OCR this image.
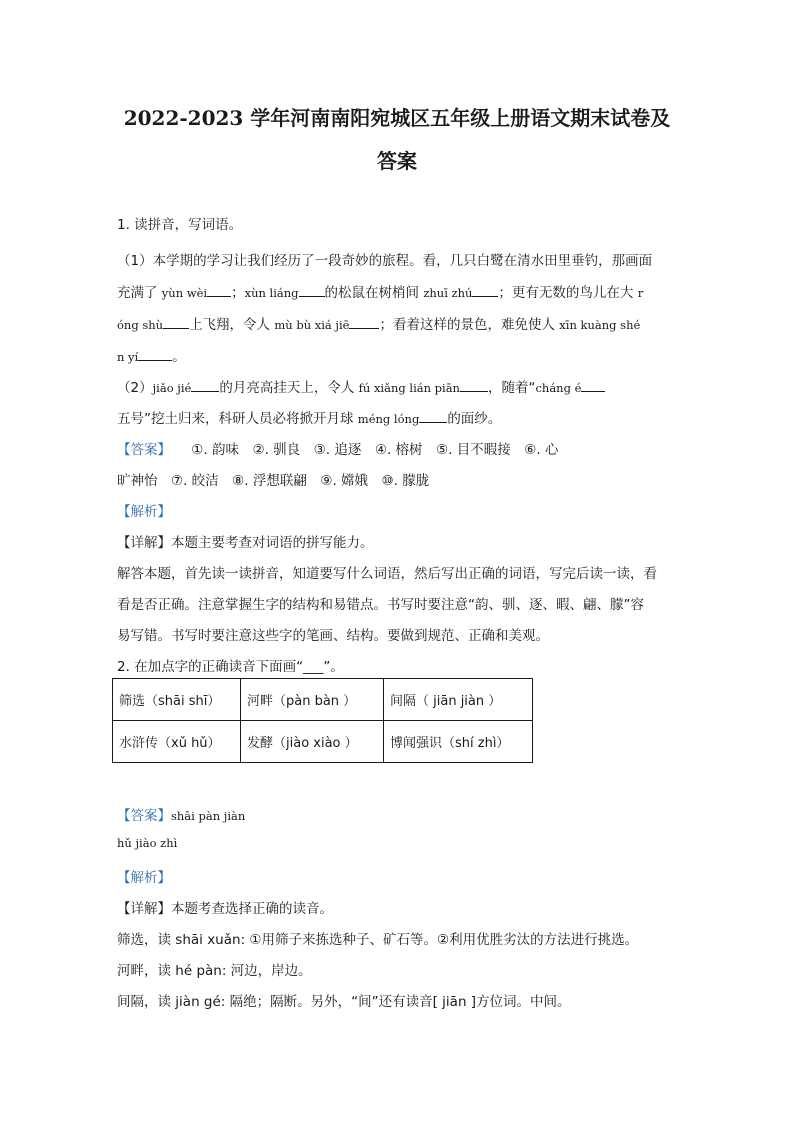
2022-2023 学年河南南阳宛城区五年级上册语文期末试卷及
答案
1. 读拼音，写词语。
（1）本学期的学习让我们经历了一段奇妙的旅程。看，几只白鹭在清水田里垂钓，那画面
充满了 yùn wèi ；xùn liáng 的松鼠在树梢间 zhuī zhú ；更有无数的鸟儿在大 r
óng shù 上飞翔，令人 mù bù xiá jiē ；看着这样的景色，难免使人 xīn kuàng shé
n yí	。
（2）jiǎo jié 的月亮高挂天上，令人 fú xiǎng lián piān ，随着“cháng é
五号”挖土归来，科研人员必将掀开月球 méng lóng 的面纱。
【答案】 ①. 韵味　②. 驯良　③. 追逐　④. 榕树　⑤. 目不暇接　⑥. 心
旷神怡　⑦. 皎洁　⑧. 浮想联翩　⑨. 嫦娥　⑩. 朦胧
【解析】
【详解】本题主要考查对词语的拼写能力。
解答本题，首先读一读拼音，知道要写什么词语，然后写出正确的词语，写完后读一读，看
看是否正确。注意掌握生字的结构和易错点。书写时要注意“韵、驯、逐、暇、翩、朦”容
易写错。书写时要注意这些字的笔画、结构。要做到规范、正确和美观。
2. 在加点字的正确读音下面画“___”。
筛选（shāi shī）	河畔（pàn bàn ）	间隔（ jiān jiàn ）
水浒传（xǔ hǔ）	发酵（jiào xiào ）	博闻强识（shí zhì）
【答案】shāi pàn jiàn
hǔ jiào zhì
【解析】
【详解】本题考查选择正确的读音。
筛选，读 shāi xuǎn: ①用筛子来拣选种子、矿石等。②利用优胜劣汰的方法进行挑选。
河畔，读 hé pàn: 河边，岸边。
间隔，读 jiàn gé: 隔绝；隔断。另外，“间”还有读音[ jiān ]方位词。中间。
